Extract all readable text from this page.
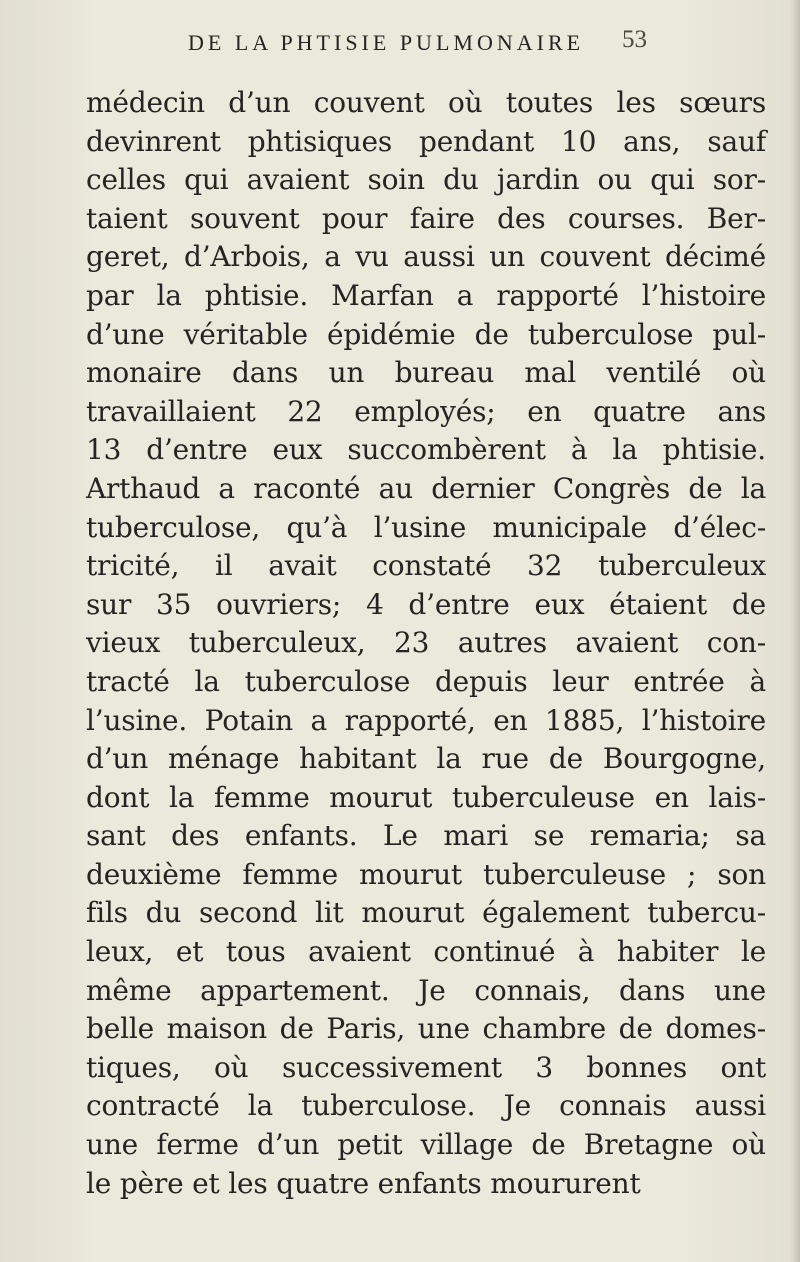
DE LA PHTISIE PULMONAIRE 53
médecin d’un couvent où toutes les sœurs
devinrent phtisiques pendant 10 ans, sauf
celles qui avaient soin du jardin ou qui sor-
taient souvent pour faire des courses. Ber-
geret, d’Arbois, a vu aussi un couvent décimé
par la phtisie. Marfan a rapporté l’histoire
d’une véritable épidémie de tuberculose pul-
monaire dans un bureau mal ventilé où
travaillaient 22 employés; en quatre ans
13 d’entre eux succombèrent à la phtisie.
Arthaud a raconté au dernier Congrès de la
tuberculose, qu’à l’usine municipale d’élec-
tricité, il avait constaté 32 tuberculeux
sur 35 ouvriers; 4 d’entre eux étaient de
vieux tuberculeux, 23 autres avaient con-
tracté la tuberculose depuis leur entrée à
l’usine. Potain a rapporté, en 1885, l’histoire
d’un ménage habitant la rue de Bourgogne,
dont la femme mourut tuberculeuse en lais-
sant des enfants. Le mari se remaria; sa
deuxième femme mourut tuberculeuse ; son
fils du second lit mourut également tubercu-
leux, et tous avaient continué à habiter le
même appartement. Je connais, dans une
belle maison de Paris, une chambre de domes-
tiques, où successivement 3 bonnes ont
contracté la tuberculose. Je connais aussi
une ferme d’un petit village de Bretagne où
le père et les quatre enfants moururent
